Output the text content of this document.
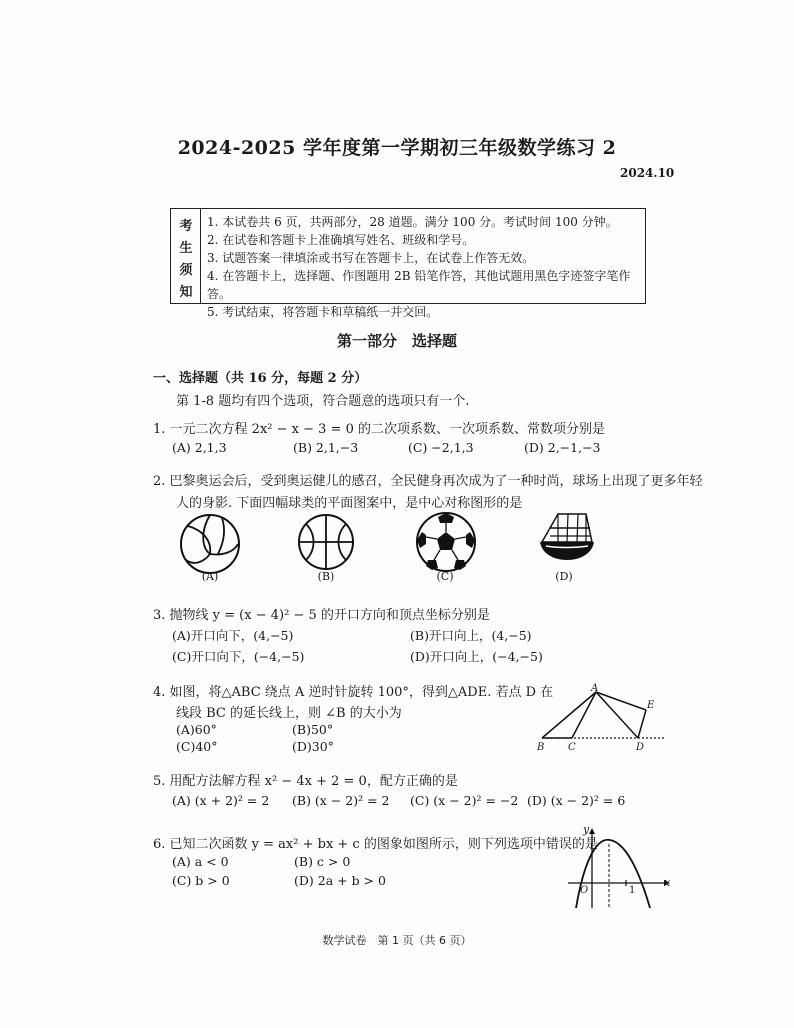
2024-2025 学年度第一学期初三年级数学练习 2
2024.10
考
生
须
知
1. 本试卷共 6 页，共两部分，28 道题。满分 100 分。考试时间 100 分钟。
2. 在试卷和答题卡上准确填写姓名、班级和学号。
3. 试题答案一律填涂或书写在答题卡上，在试卷上作答无效。
4. 在答题卡上，选择题、作图题用 2B 铅笔作答，其他试题用黑色字迹签字笔作答。
5. 考试结束，将答题卡和草稿纸一并交回。
第一部分　选择题
一、选择题（共 16 分，每题 2 分）
第 1-8 题均有四个选项，符合题意的选项只有一个.
1. 一元二次方程 2x² − x − 3 = 0 的二次项系数、一次项系数、常数项分别是
(A) 2,1,3	(B) 2,1,−3	(C) −2,1,3	(D) 2,−1,−3
2. 巴黎奥运会后，受到奥运健儿的感召，全民健身再次成为了一种时尚，球场上出现了更多年轻
人的身影. 下面四幅球类的平面图案中，是中心对称图形的是
(A)	(B)	(C)	(D)
3. 抛物线 y = (x − 4)² − 5 的开口方向和顶点坐标分别是
(A)开口向下，(4,−5)	(B)开口向上，(4,−5)
(C)开口向下，(−4,−5)	(D)开口向上，(−4,−5)
4. 如图，将△ABC 绕点 A 逆时针旋转 100°，得到△ADE. 若点 D 在
线段 BC 的延长线上，则 ∠B 的大小为
(A)60°	(B)50°
(C)40°	(D)30°
A
B C	D
E
5. 用配方法解方程 x² − 4x + 2 = 0，配方正确的是
(A) (x + 2)² = 2 (B) (x − 2)² = 2 (C) (x − 2)² = −2 (D) (x − 2)² = 6
6. 已知二次函数 y = ax² + bx + c 的图象如图所示，则下列选项中错误的是
(A) a < 0	(B) c > 0
(C) b > 0	(D) 2a + b > 0
y
x
O	1
数学试卷　第 1 页（共 6 页）
